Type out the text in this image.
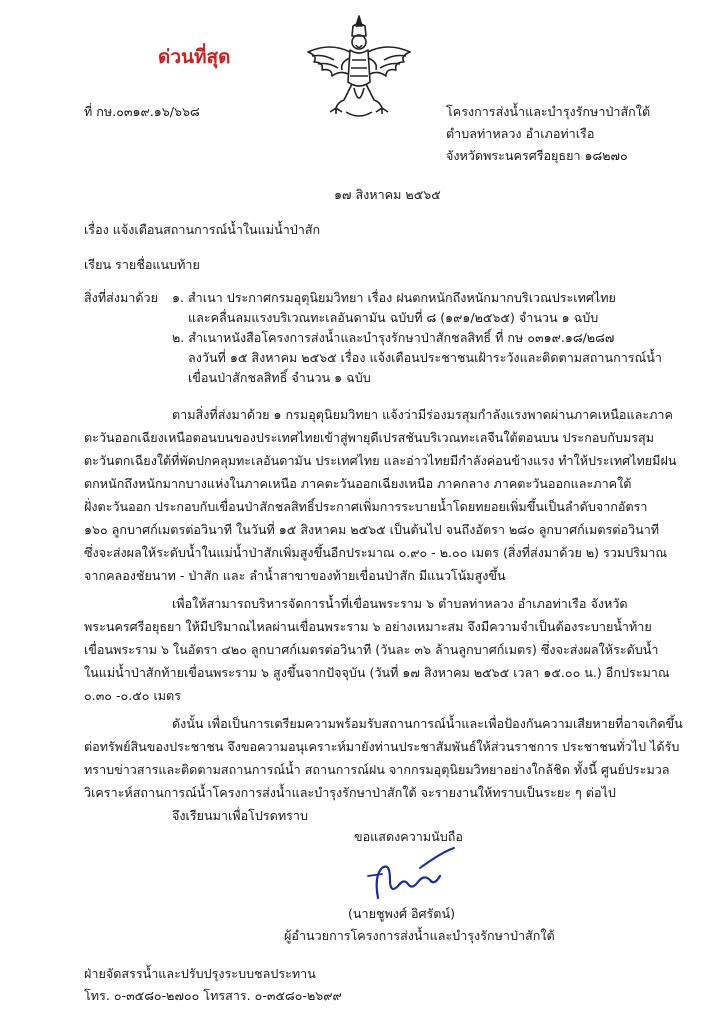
ด่วนที่สุด
ที่ กษ.๐๓๑๙.๑๖/๖๖๘	โครงการส่งน้ำและบำรุงรักษาป่าสักใต้
ตำบลท่าหลวง อำเภอท่าเรือ
จังหวัดพระนครศรีอยุธยา ๑๘๒๗๐
๑๗ สิงหาคม ๒๕๖๕
เรื่อง แจ้งเตือนสถานการณ์น้ำในแม่น้ำป่าสัก
เรียน รายชื่อแนบท้าย
สิ่งที่ส่งมาด้วย ๑. สำเนา ประกาศกรมอุตุนิยมวิทยา เรื่อง ฝนตกหนักถึงหนักมากบริเวณประเทศไทย
และคลื่นลมแรงบริเวณทะเลอันดามัน ฉบับที่ ๘ (๑๙๑/๒๕๖๕) จำนวน ๑ ฉบับ
๒. สำเนาหนังสือโครงการส่งน้ำและบำรุงรักษาป่าสักชลสิทธิ์ ที่ กษ ๐๓๑๙.๑๘/๒๘๗
ลงวันที่ ๑๕ สิงหาคม ๒๕๖๕ เรื่อง แจ้งเตือนประชาชนเฝ้าระวังและติดตามสถานการณ์น้ำ
เขื่อนป่าสักชลสิทธิ์ จำนวน ๑ ฉบับ
ตามสิ่งที่ส่งมาด้วย ๑ กรมอุตุนิยมวิทยา แจ้งว่ามีร่องมรสุมกำลังแรงพาดผ่านภาคเหนือและภาค
ตะวันออกเฉียงเหนือตอนบนของประเทศไทยเข้าสู่พายุดีเปรสชันบริเวณทะเลจีนใต้ตอนบน ประกอบกับมรสุม
ตะวันตกเฉียงใต้ที่พัดปกคลุมทะเลอันดามัน ประเทศไทย และอ่าวไทยมีกำลังค่อนข้างแรง ทำให้ประเทศไทยมีฝน
ตกหนักถึงหนักมากบางแห่งในภาคเหนือ ภาคตะวันออกเฉียงเหนือ ภาคกลาง ภาคตะวันออกและภาคใต้
ฝั่งตะวันออก ประกอบกับเขื่อนป่าสักชลสิทธิ์ประกาศเพิ่มการระบายน้ำโดยทยอยเพิ่มขึ้นเป็นลำดับจากอัตรา
๑๖๐ ลูกบาศก์เมตรต่อวินาที ในวันที่ ๑๕ สิงหาคม ๒๕๖๕ เป็นต้นไป จนถึงอัตรา ๒๘๐ ลูกบาศก์เมตรต่อวินาที
ซึ่งจะส่งผลให้ระดับน้ำในแม่น้ำป่าสักเพิ่มสูงขึ้นอีกประมาณ ๐.๙๐ - ๒.๐๐ เมตร (สิ่งที่ส่งมาด้วย ๒) รวมปริมาณ
จากคลองชัยนาท - ป่าสัก และ ลำน้ำสาขาของท้ายเขื่อนป่าสัก มีแนวโน้มสูงขึ้น
เพื่อให้สามารถบริหารจัดการน้ำที่เขื่อนพระราม ๖ ตำบลท่าหลวง อำเภอท่าเรือ จังหวัด
พระนครศรีอยุธยา ให้มีปริมาณไหลผ่านเขื่อนพระราม ๖ อย่างเหมาะสม จึงมีความจำเป็นต้องระบายน้ำท้าย
เขื่อนพระราม ๖ ในอัตรา ๔๒๐ ลูกบาศก์เมตรต่อวินาที (วันละ ๓๖ ล้านลูกบาศก์เมตร) ซึ่งจะส่งผลให้ระดับน้ำ
ในแม่น้ำป่าสักท้ายเขื่อนพระราม ๖ สูงขึ้นจากปัจจุบัน (วันที่ ๑๗ สิงหาคม ๒๕๖๕ เวลา ๑๕.๐๐ น.) อีกประมาณ
๐.๓๐ -๐.๕๐ เมตร
ดังนั้น เพื่อเป็นการเตรียมความพร้อมรับสถานการณ์น้ำและเพื่อป้องกันความเสียหายที่อาจเกิดขึ้น
ต่อทรัพย์สินของประชาชน จึงขอความอนุเคราะห์มายังท่านประชาสัมพันธ์ให้ส่วนราชการ ประชาชนทั่วไป ได้รับ
ทราบข่าวสารและติดตามสถานการณ์น้ำ สถานการณ์ฝน จากกรมอุตุนิยมวิทยาอย่างใกล้ชิด ทั้งนี้ ศูนย์ประมวล
วิเคราะห์สถานการณ์น้ำโครงการส่งน้ำและบำรุงรักษาป่าสักใต้ จะรายงานให้ทราบเป็นระยะ ๆ ต่อไป
จึงเรียนมาเพื่อโปรดทราบ
ขอแสดงความนับถือ
(นายชูพงศ์ อิศรัตน์)
ผู้อำนวยการโครงการส่งน้ำและบำรุงรักษาป่าสักใต้
ฝ่ายจัดสรรน้ำและปรับปรุงระบบชลประทาน
โทร. ๐-๓๕๘๐-๒๗๐๐ โทรสาร. ๐-๓๕๘๐-๒๖๙๙
